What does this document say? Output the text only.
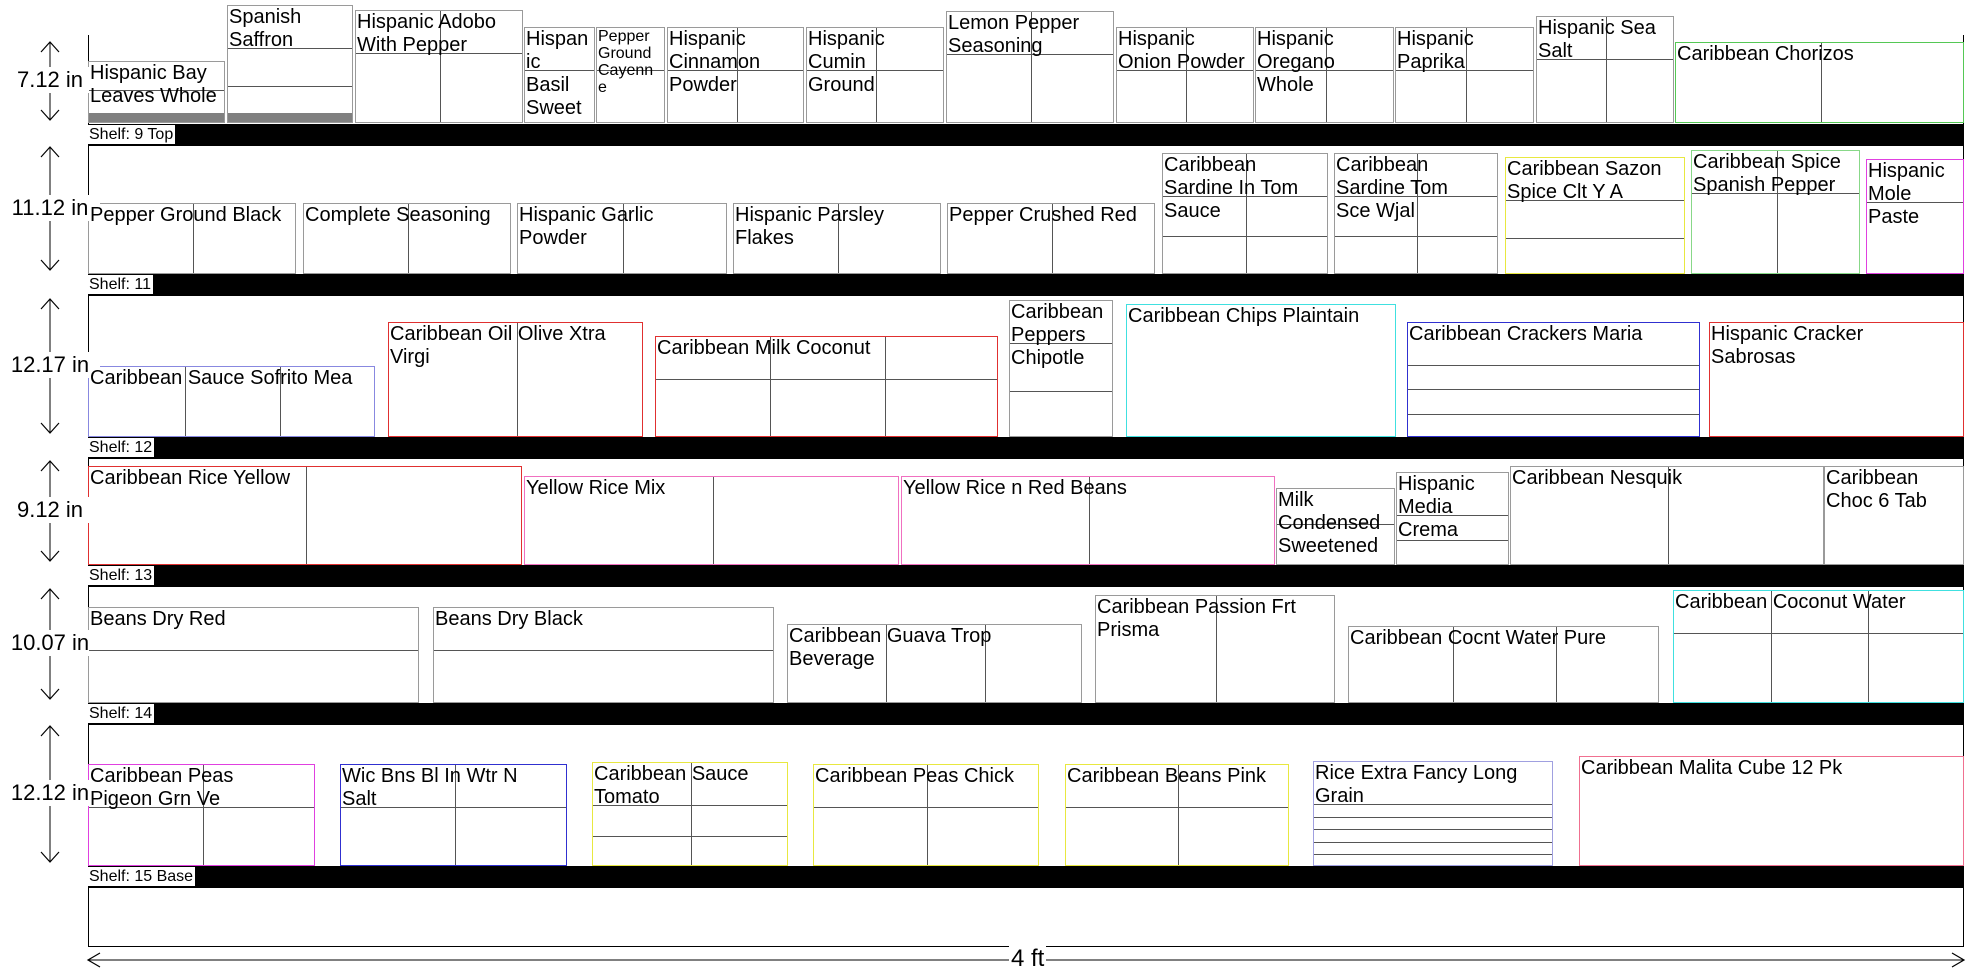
4 ft
Hispanic Bay
Leaves Whole
Spanish
Saffron
Hispanic Adobo
With Pepper	Hispan
ic
Basil
Sweet
Pepper
Ground
Cayenn
e
Hispanic
Cinnamon
Powder
Hispanic
Cumin
Ground
Lemon Pepper
Seasoning	Hispanic
Onion Powder
Hispanic
Oregano
Whole
Hispanic
Paprika
Hispanic Sea
Salt	Caribbean Chorizos
Shelf: 9 Top
7.12 in
Pepper Ground Black	Complete Seasoning	Hispanic Garlic
Powder
Hispanic Parsley
Flakes
Pepper Crushed Red
Caribbean
Sardine In Tom
Sauce
Caribbean
Sardine Tom
Sce Wjal
Caribbean Sazon
Spice Clt Y A
Caribbean Spice
Spanish Pepper
Hispanic
Mole
Paste
Shelf: 11
11.12 in
Caribbean Sauce Sofrito Mea
Caribbean Oil Olive Xtra
Virgi	Caribbean Milk Coconut
Caribbean
Peppers
Chipotle
Caribbean Chips Plaintain
Caribbean Crackers Maria	Hispanic Cracker
Sabrosas
Shelf: 12
12.17 in
Caribbean Rice Yellow	Yellow Rice Mix	Yellow Rice n Red Beans
Milk
Condensed
Sweetened
Hispanic
Media
Crema
Caribbean Nesquik	Caribbean
Choc 6 Tab
Shelf: 13
9.12 in
Beans Dry Red	Beans Dry Black
Caribbean Guava Trop
Beverage
Caribbean Passion Frt
Prisma	Caribbean Cocnt Water Pure
Caribbean Coconut Water
Shelf: 14
10.07 in
Caribbean Peas
Pigeon Grn Ve
Wic Bns Bl In Wtr N
Salt
Caribbean Sauce
Tomato
Caribbean Peas Chick	Caribbean Beans Pink	Rice Extra Fancy Long
Grain
Caribbean Malita Cube 12 Pk
Shelf: 15 Base
12.12 in
